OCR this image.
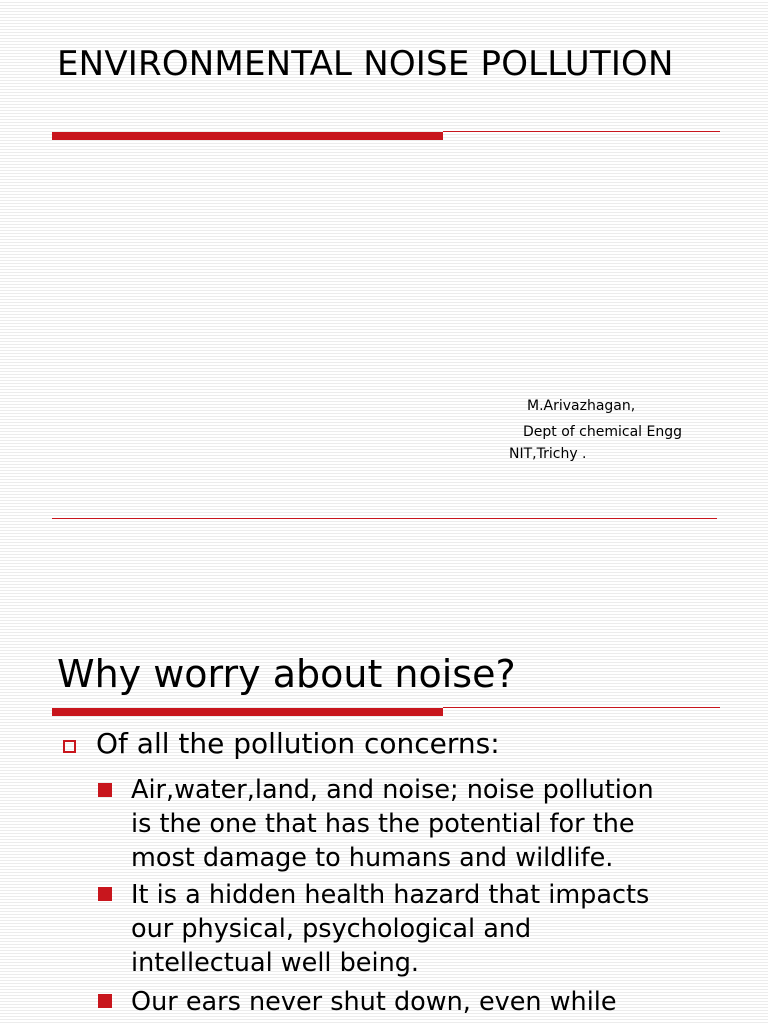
ENVIRONMENTAL NOISE POLLUTION
M.Arivazhagan,
Dept of chemical Engg
NIT,Trichy .
Why worry about noise?
Of all the pollution concerns:
Air,water,land, and noise; noise pollution
is the one that has the potential for the
most damage to humans and wildlife.
It is a hidden health hazard that impacts
our physical, psychological and
intellectual well being.
Our ears never shut down, even while
